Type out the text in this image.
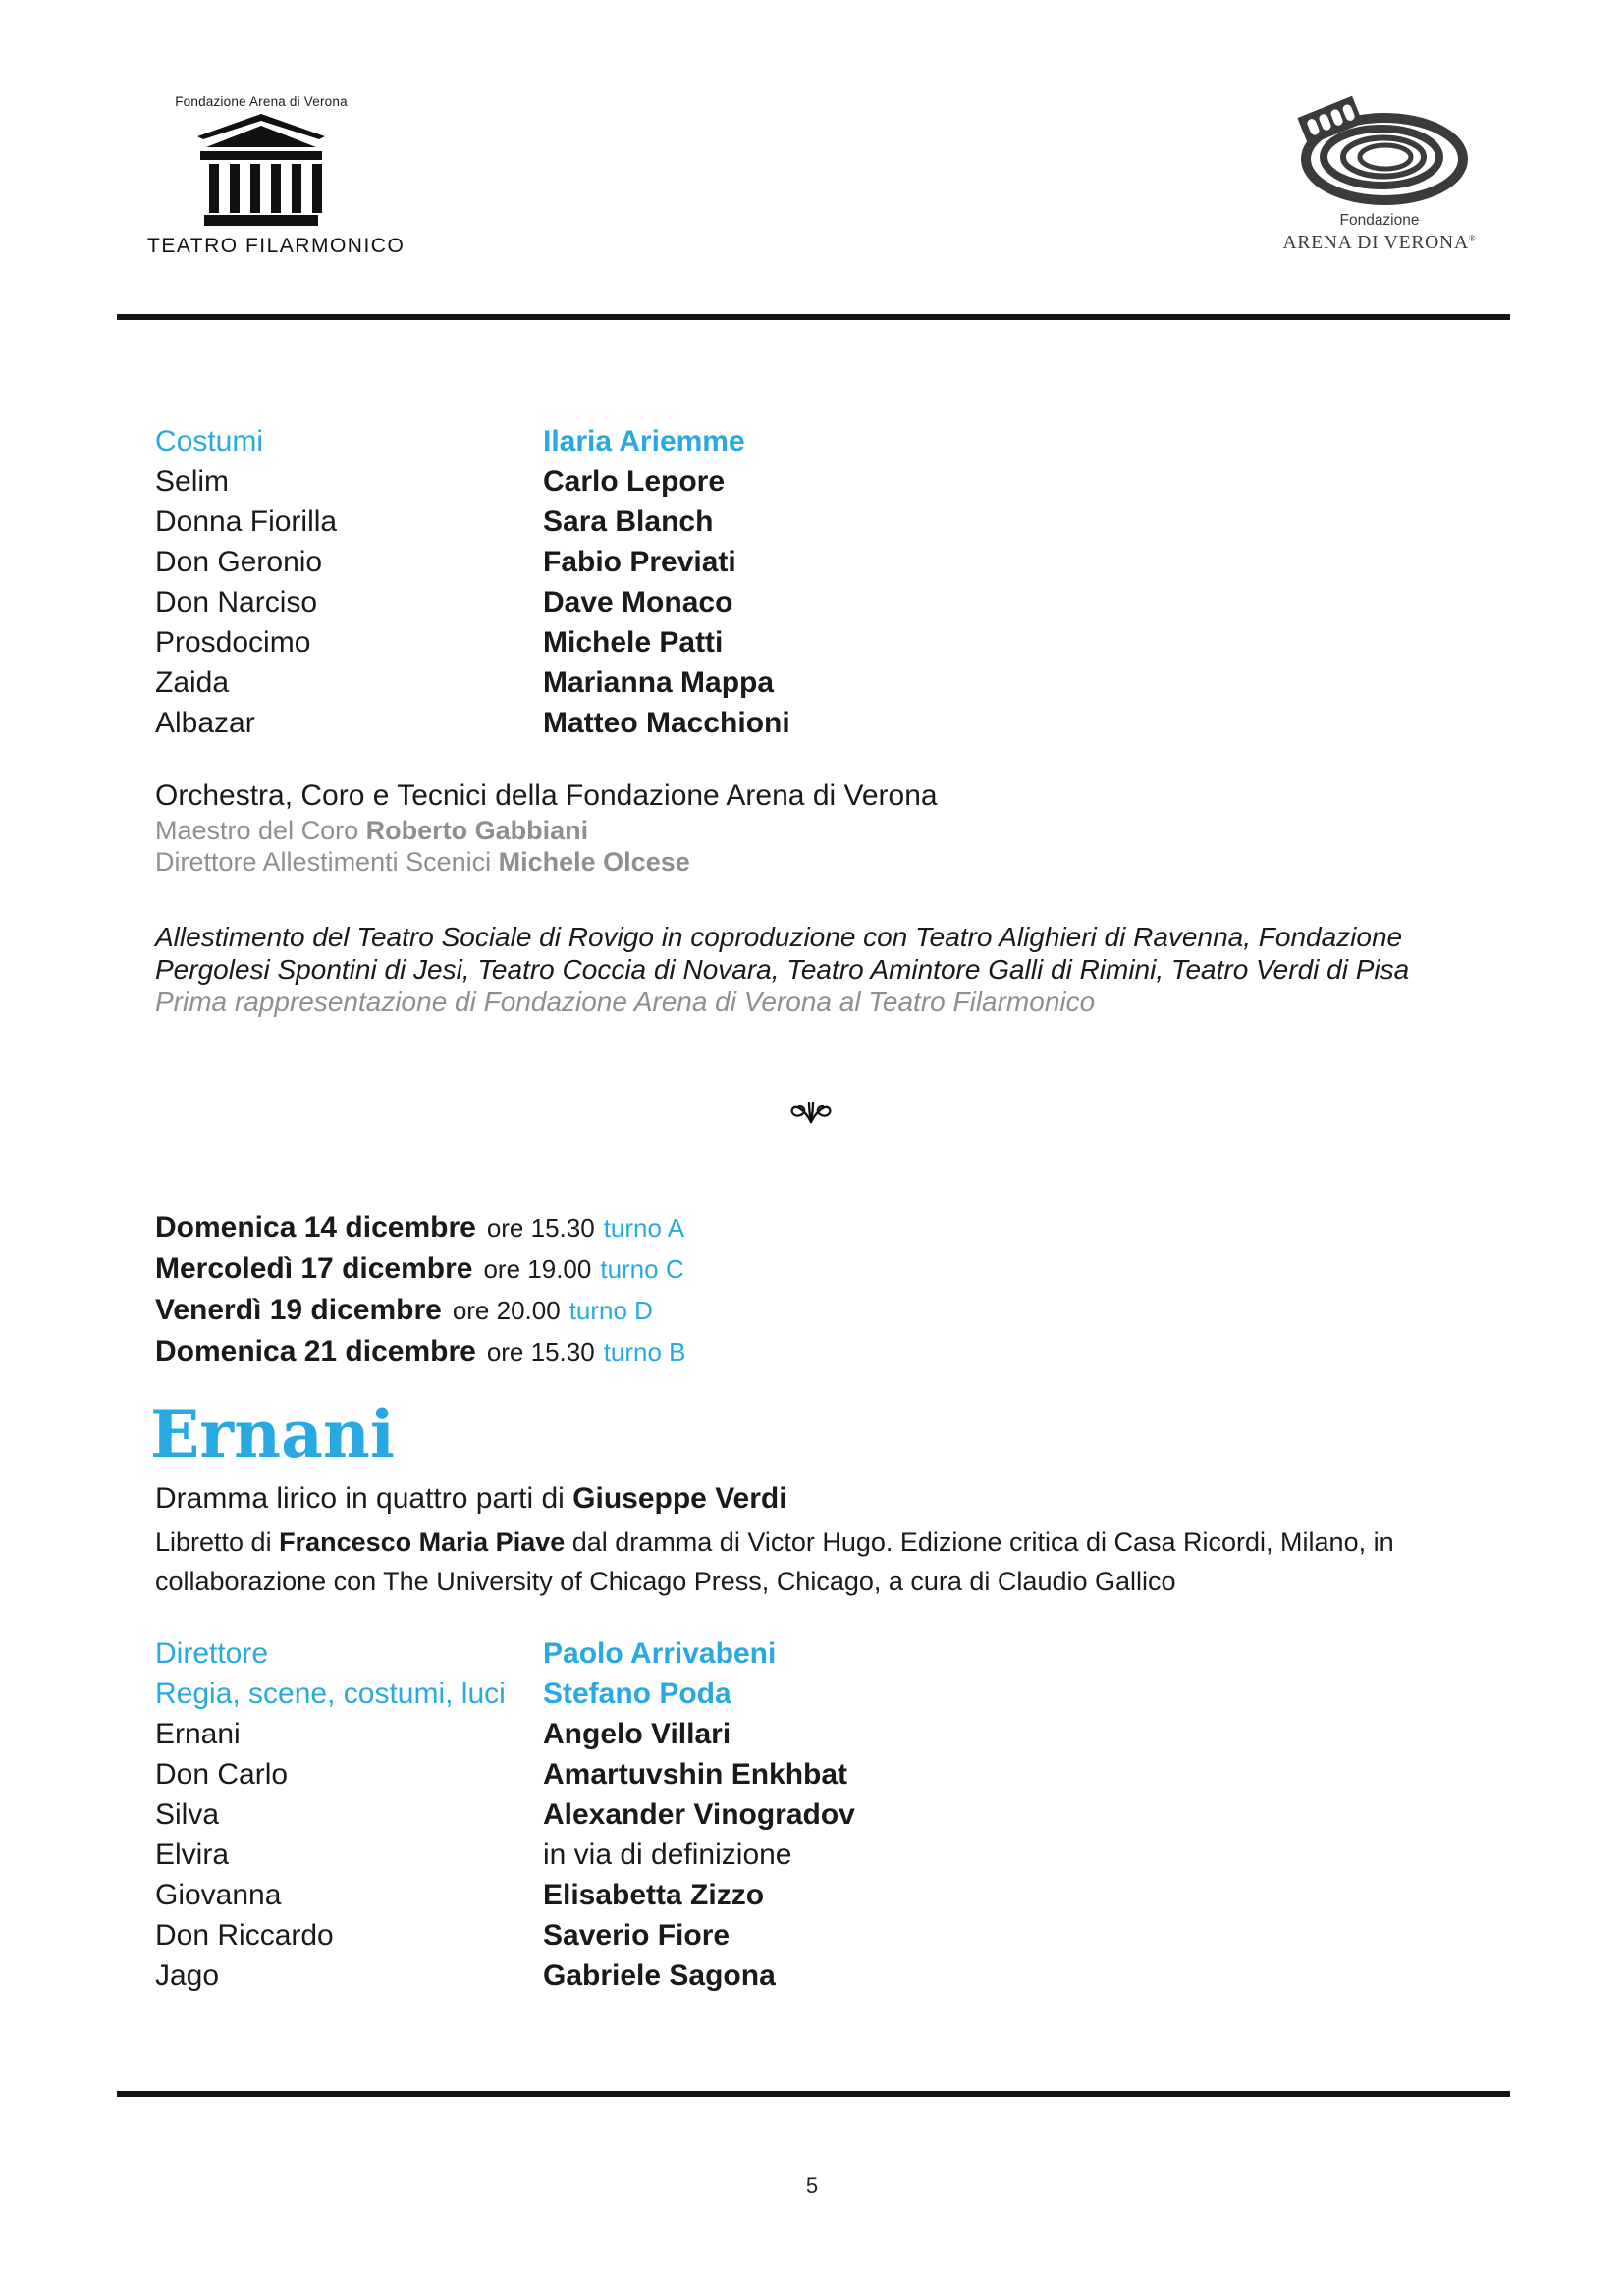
Fondazione Arena di Verona
TEATRO FILARMONICO
Fondazione
ARENA DI VERONA®
Costumi	Ilaria Ariemme
Selim	Carlo Lepore
Donna Fiorilla	Sara Blanch
Don Geronio	Fabio Previati
Don Narciso	Dave Monaco
Prosdocimo	Michele Patti
Zaida	Marianna Mappa
Albazar	Matteo Macchioni
Orchestra, Coro e Tecnici della Fondazione Arena di Verona
Maestro del Coro Roberto Gabbiani
Direttore Allestimenti Scenici Michele Olcese

Allestimento del Teatro Sociale di Rovigo in coproduzione con Teatro Alighieri di Ravenna, Fondazione Pergolesi Spontini di Jesi, Teatro Coccia di Novara, Teatro Amintore Galli di Rimini, Teatro Verdi di Pisa

Prima rappresentazione di Fondazione Arena di Verona al Teatro Filarmonico

Domenica 14 dicembre ore 15.30 turno A
Mercoledì 17 dicembre ore 19.00 turno C
Venerdì 19 dicembre ore 20.00 turno D
Domenica 21 dicembre ore 15.30 turno B
Ernani

Dramma lirico in quattro parti di Giuseppe Verdi

Libretto di Francesco Maria Piave dal dramma di Victor Hugo. Edizione critica di Casa Ricordi, Milano, in collaborazione con The University of Chicago Press, Chicago, a cura di Claudio Gallico

Direttore	Paolo Arrivabeni
Regia, scene, costumi, luci	Stefano Poda
Ernani	Angelo Villari
Don Carlo	Amartuvshin Enkhbat
Silva	Alexander Vinogradov
Elvira	in via di definizione
Giovanna	Elisabetta Zizzo
Don Riccardo	Saverio Fiore
Jago	Gabriele Sagona
5
